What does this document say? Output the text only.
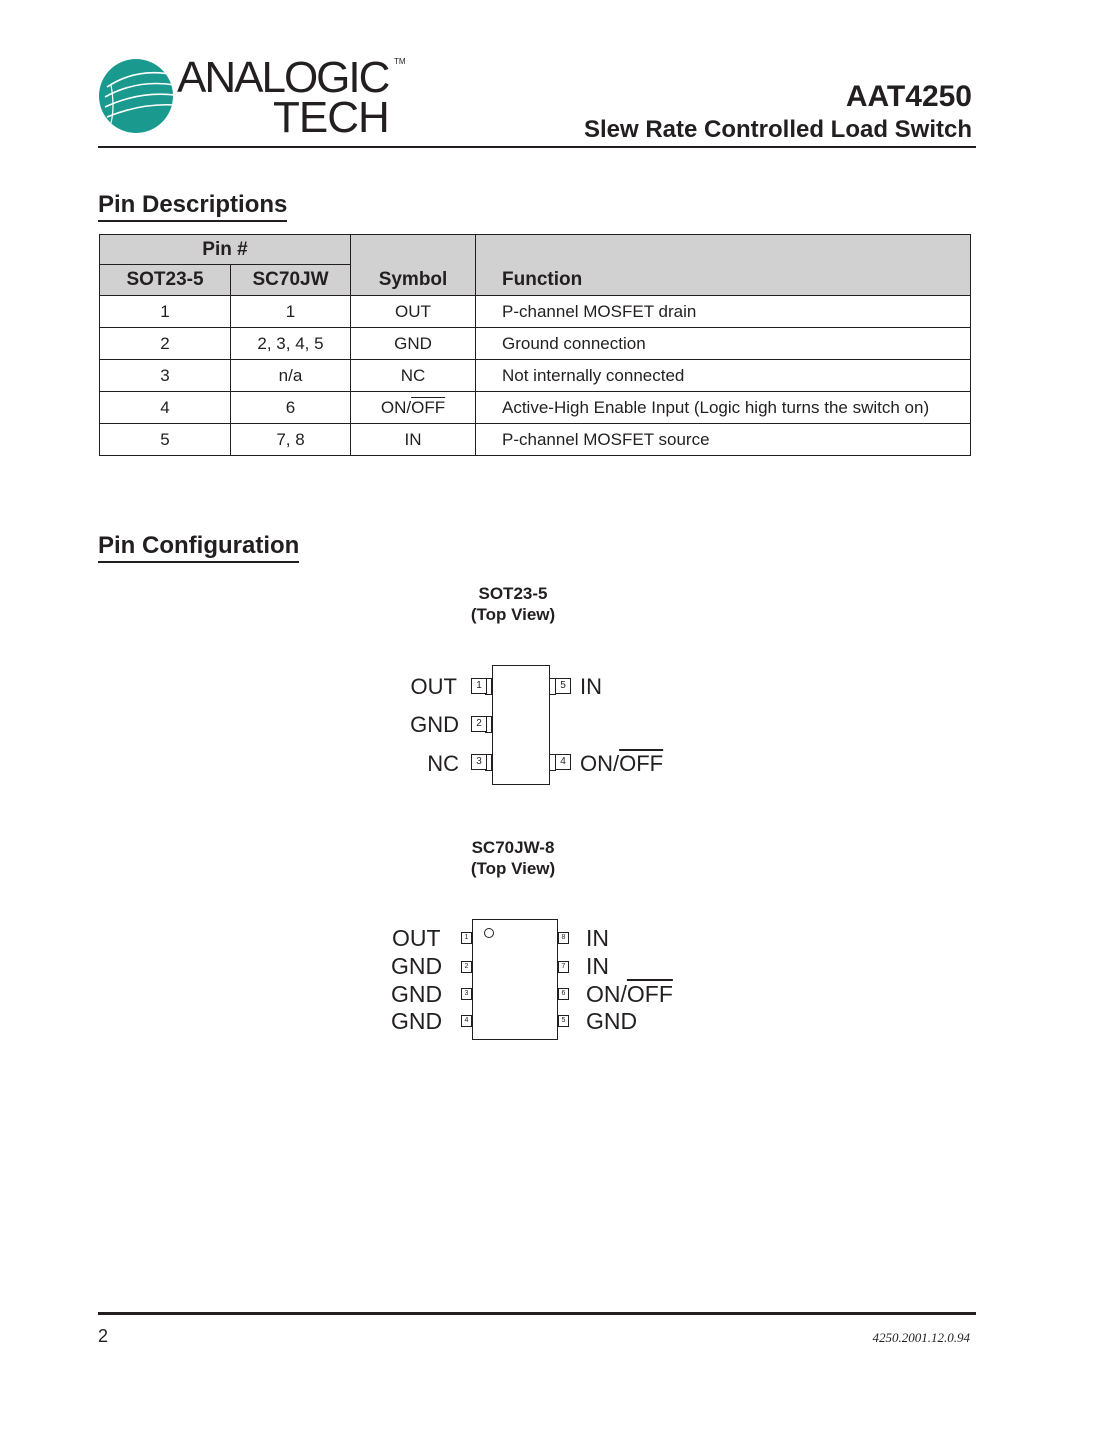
ANALOGIC
TECH
TM
AAT4250
Slew Rate Controlled Load Switch
Pin Descriptions
Pin #		Symbol	Function
SOT23-5	SC70JW		
1	1	OUT	P-channel MOSFET drain
2	2, 3, 4, 5	GND	Ground connection
3	n/a	NC	Not internally connected
4	6	$ON/\overline{OFF}$	Active-High Enable Input (Logic high turns the switch on)
5	7, 8	IN	P-channel MOSFET source
Pin Configuration
SOT23-5
(Top View)
1
2
3
5
4
OUT
GND
NC
IN
$ON/\overline{OFF}$
SC70JW-8
(Top View)
1
2
3
4
8
7
6
5
OUT
GND
GND
GND
IN
IN
$ON/\overline{OFF}$
GND
2	4250.2001.12.0.94
